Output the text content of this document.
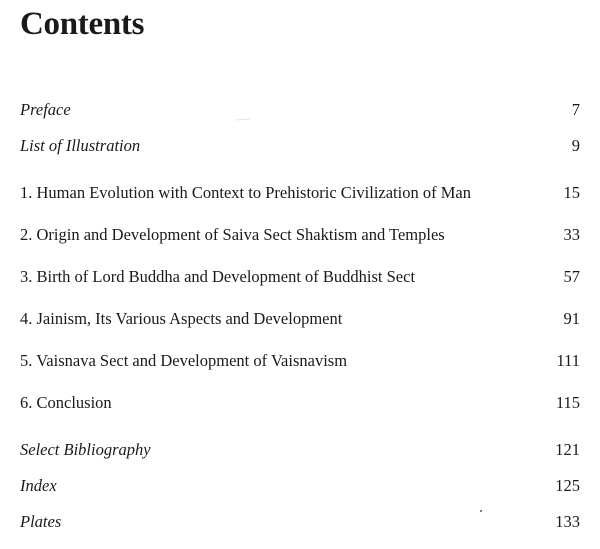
Contents
Preface	7
List of Illustration	9
1. Human Evolution with Context to Prehistoric Civilization of Man	15
2. Origin and Development of Saiva Sect Shaktism and Temples	33
3. Birth of Lord Buddha and Development of Buddhist Sect	57
4. Jainism, Its Various Aspects and Development	91
5. Vaisnava Sect and Development of Vaisnavism	111
6. Conclusion	115
Select Bibliography	121
Index	125
Plates	133
